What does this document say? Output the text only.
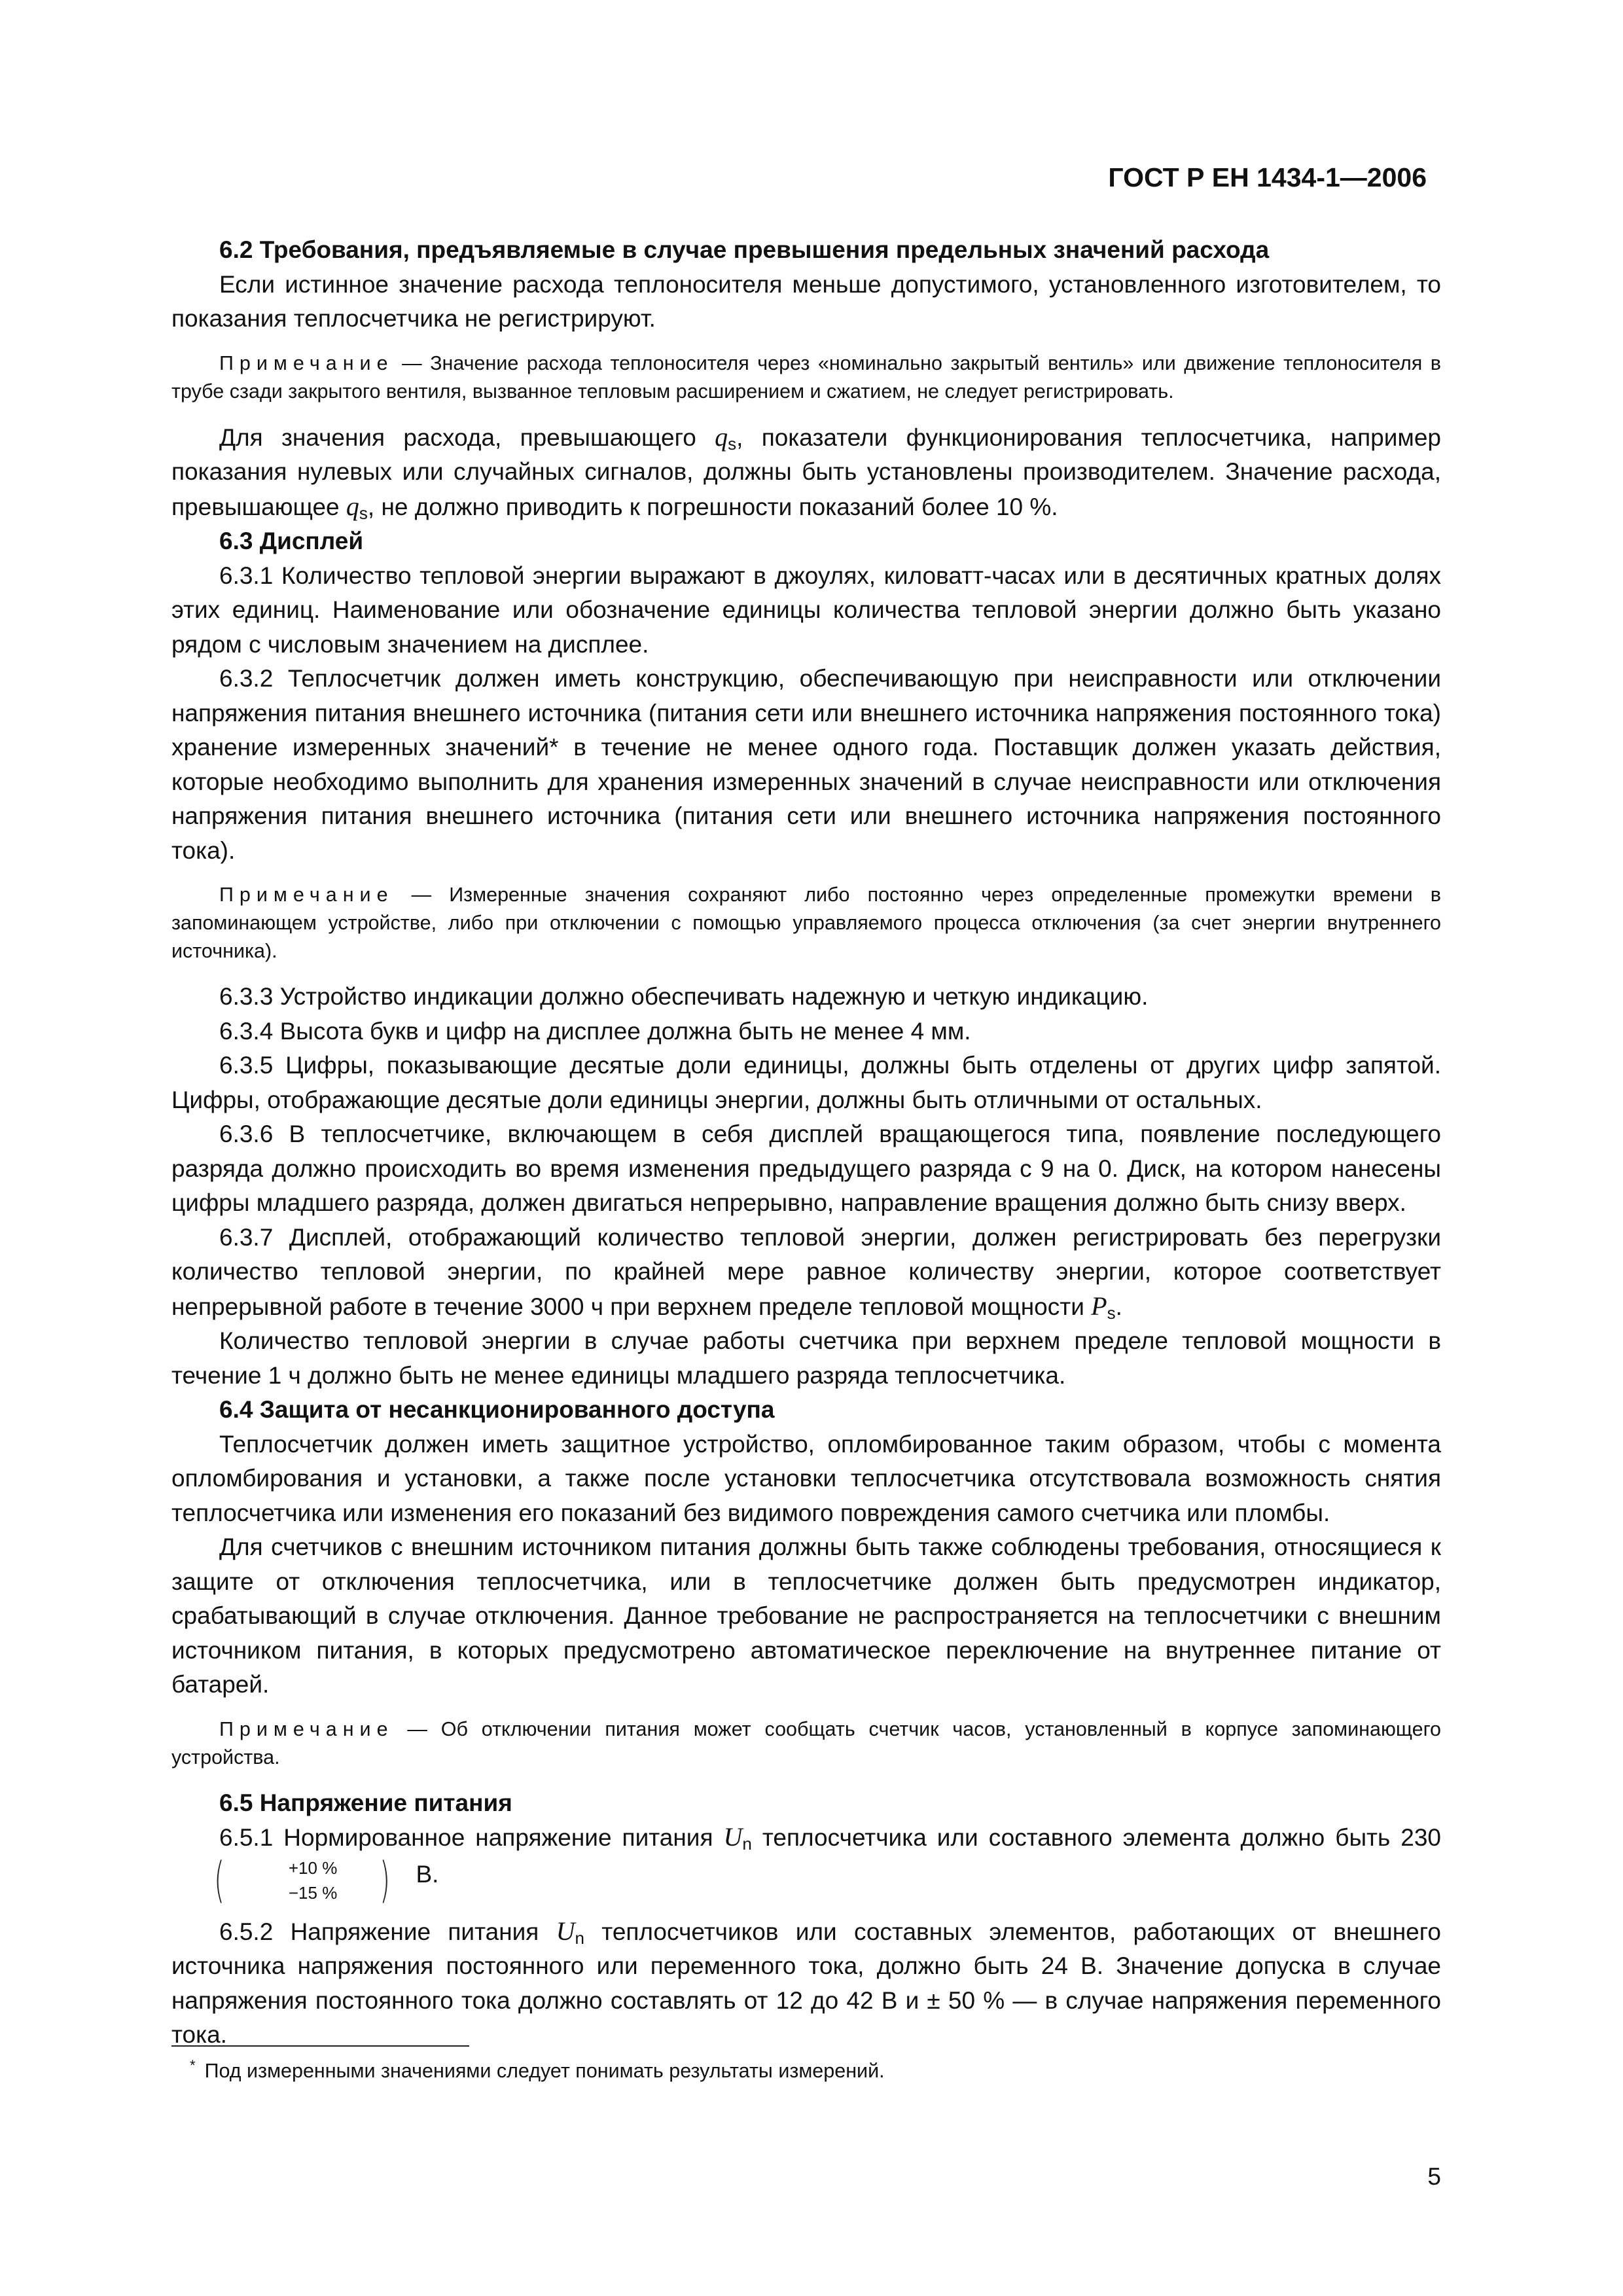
ГОСТ Р ЕН 1434-1—2006

6.2 Требования, предъявляемые в случае превышения предельных значений расхода

Если истинное значение расхода теплоносителя меньше допустимого, установленного изготовителем, то показания теплосчетчика не регистрируют.

Примечание — Значение расхода теплоносителя через «номинально закрытый вентиль» или движение теплоносителя в трубе сзади закрытого вентиля, вызванное тепловым расширением и сжатием, не следует регистрировать.

Для значения расхода, превышающего $q_s$, показатели функционирования теплосчетчика, например показания нулевых или случайных сигналов, должны быть установлены производителем. Значение расхода, превышающее $q_s$, не должно приводить к погрешности показаний более 10 %.

6.3 Дисплей

6.3.1 Количество тепловой энергии выражают в джоулях, киловатт-часах или в десятичных кратных долях этих единиц. Наименование или обозначение единицы количества тепловой энергии должно быть указано рядом с числовым значением на дисплее.

6.3.2 Теплосчетчик должен иметь конструкцию, обеспечивающую при неисправности или отключении напряжения питания внешнего источника (питания сети или внешнего источника напряжения постоянного тока) хранение измеренных значений* в течение не менее одного года. Поставщик должен указать действия, которые необходимо выполнить для хранения измеренных значений в случае неисправности или отключения напряжения питания внешнего источника (питания сети или внешнего источника напряжения постоянного тока).

Примечание — Измеренные значения сохраняют либо постоянно через определенные промежутки времени в запоминающем устройстве, либо при отключении с помощью управляемого процесса отключения (за счет энергии внутреннего источника).

6.3.3 Устройство индикации должно обеспечивать надежную и четкую индикацию.

6.3.4 Высота букв и цифр на дисплее должна быть не менее 4 мм.

6.3.5 Цифры, показывающие десятые доли единицы, должны быть отделены от других цифр запятой. Цифры, отображающие десятые доли единицы энергии, должны быть отличными от остальных.

6.3.6 В теплосчетчике, включающем в себя дисплей вращающегося типа, появление последующего разряда должно происходить во время изменения предыдущего разряда с 9 на 0. Диск, на котором нанесены цифры младшего разряда, должен двигаться непрерывно, направление вращения должно быть снизу вверх.

6.3.7 Дисплей, отображающий количество тепловой энергии, должен регистрировать без перегрузки количество тепловой энергии, по крайней мере равное количеству энергии, которое соответствует непрерывной работе в течение 3000 ч при верхнем пределе тепловой мощности $P_s$.

Количество тепловой энергии в случае работы счетчика при верхнем пределе тепловой мощности в течение 1 ч должно быть не менее единицы младшего разряда теплосчетчика.

6.4 Защита от несанкционированного доступа

Теплосчетчик должен иметь защитное устройство, опломбированное таким образом, чтобы с момента опломбирования и установки, а также после установки теплосчетчика отсутствовала возможность снятия теплосчетчика или изменения его показаний без видимого повреждения самого счетчика или пломбы.

Для счетчиков с внешним источником питания должны быть также соблюдены требования, относящиеся к защите от отключения теплосчетчика, или в теплосчетчике должен быть предусмотрен индикатор, срабатывающий в случае отключения. Данное требование не распространяется на теплосчетчики с внешним источником питания, в которых предусмотрено автоматическое переключение на внутреннее питание от батарей.

Примечание — Об отключении питания может сообщать счетчик часов, установленный в корпусе запоминающего устройства.

6.5 Напряжение питания

6.5.1 Нормированное напряжение питания $U_n$ теплосчетчика или составного элемента должно быть 230
(	+10 %
−15 % ) В.

6.5.2 Напряжение питания $U_n$ теплосчетчиков или составных элементов, работающих от внешнего источника напряжения постоянного или переменного тока, должно быть 24 В. Значение допуска в случае напряжения постоянного тока должно составлять от 12 до 42 В и ± 50 % — в случае напряжения переменного тока.

* Под измеренными значениями следует понимать результаты измерений.
5
